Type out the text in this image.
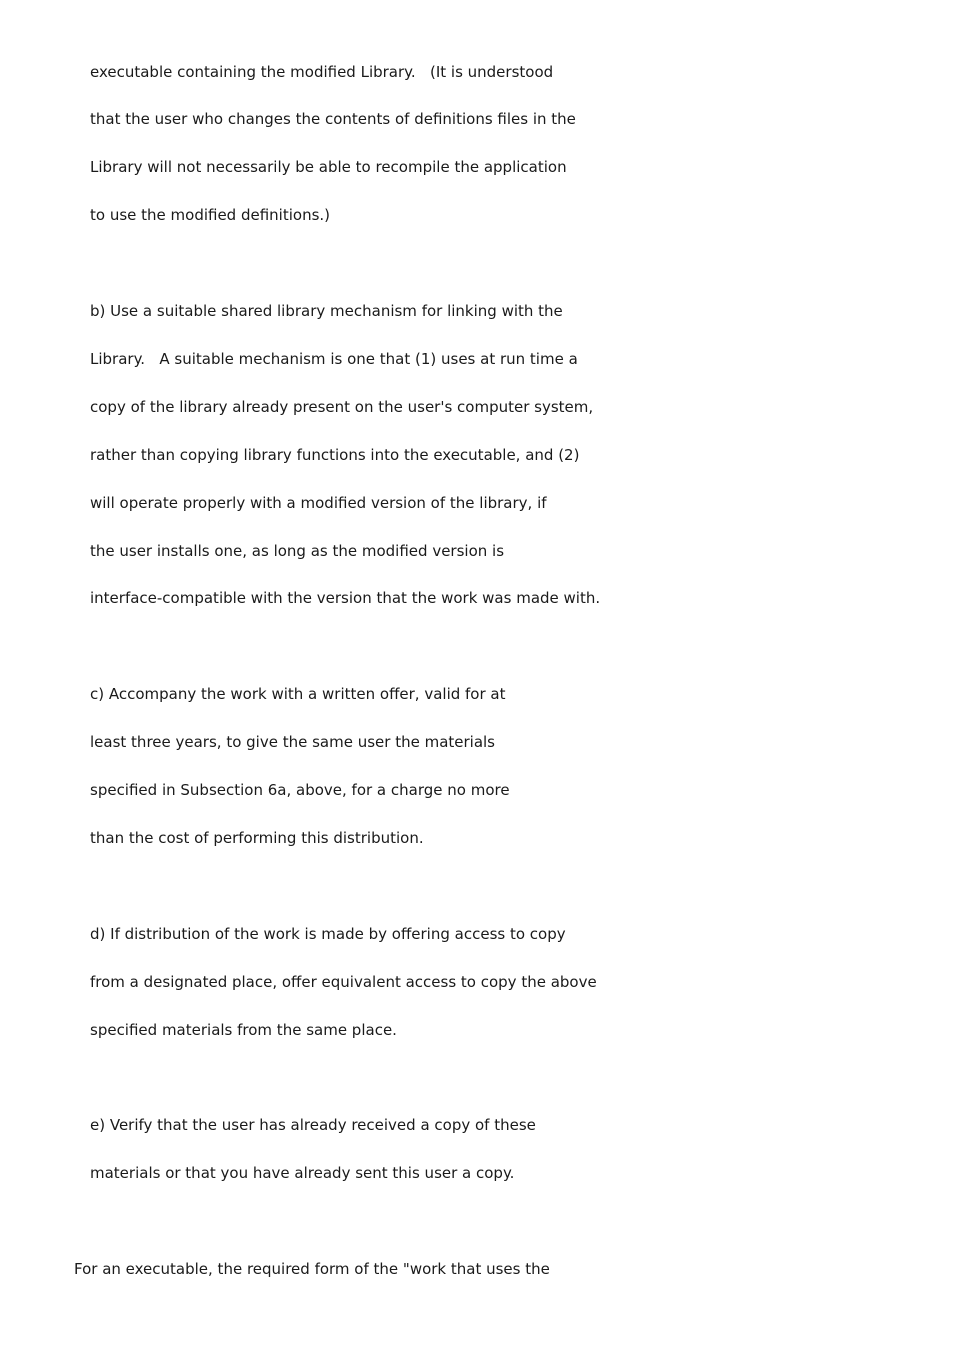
executable containing the modified Library.   (It is understood
that the user who changes the contents of definitions files in the
Library will not necessarily be able to recompile the application
to use the modified definitions.)
b) Use a suitable shared library mechanism for linking with the
Library.   A suitable mechanism is one that (1) uses at run time a
copy of the library already present on the user's computer system,
rather than copying library functions into the executable, and (2)
will operate properly with a modified version of the library, if
the user installs one, as long as the modified version is
interface-compatible with the version that the work was made with.
c) Accompany the work with a written offer, valid for at
least three years, to give the same user the materials
specified in Subsection 6a, above, for a charge no more
than the cost of performing this distribution.
d) If distribution of the work is made by offering access to copy
from a designated place, offer equivalent access to copy the above
specified materials from the same place.
e) Verify that the user has already received a copy of these
materials or that you have already sent this user a copy.
For an executable, the required form of the "work that uses the
